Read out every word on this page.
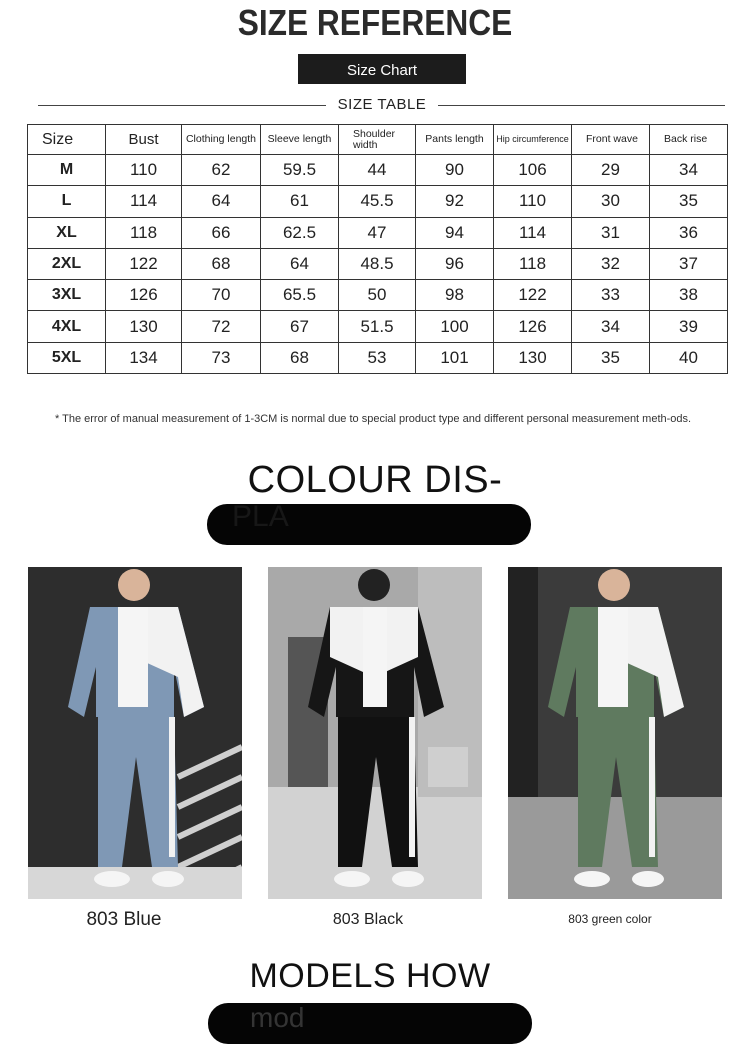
SIZE REFERENCE
Size Chart
SIZE TABLE
Size	Bust	Clothing length	Sleeve length	Shoulder width	Pants length	Hip circumference	Front wave	Back rise
M	110	62	59.5	44	90	106	29	34
L	114	64	61	45.5	92	110	30	35
XL	118	66	62.5	47	94	114	31	36
2XL	122	68	64	48.5	96	118	32	37
3XL	126	70	65.5	50	98	122	33	38
4XL	130	72	67	51.5	100	126	34	39
5XL	134	73	68	53	101	130	35	40
* The error of manual measurement of 1-3CM is normal due to special product type and different personal measurement meth-ods.
COLOUR DIS-
PLA
803 Blue	803 Black	803 green color
MODELS HOW
mod
